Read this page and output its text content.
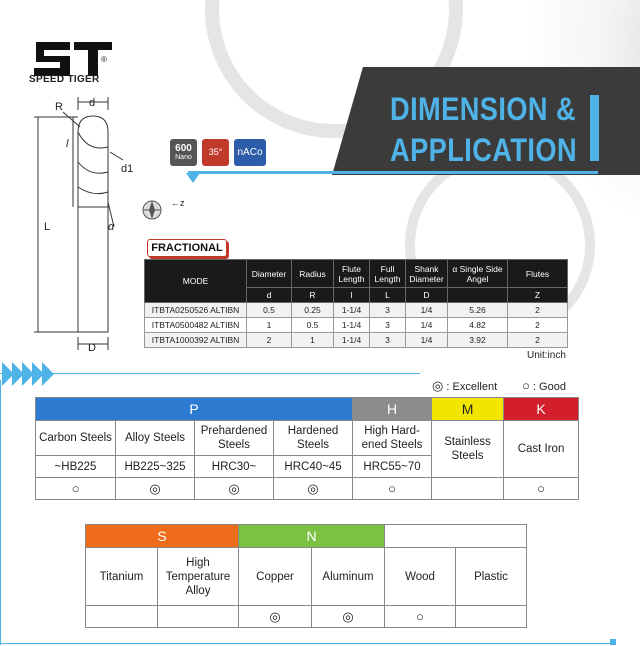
SPEED TIGER
®
R d
l
d1
L	α
D
←z
DIMENSION &
APPLICATION
600
Nano 35° nACo
FRACTIONAL
MODE	Diameter	Radius	Flute Length	Full Length	Shank Diameter	α Single Side Angel	Flutes
	d	R	l	L	D		Z
ITBTA0250526 ALTIBN	0.5	0.25	1-1/4	3	1/4	5.26	2
ITBTA0500482 ALTIBN	1	0.5	1-1/4	3	1/4	4.82	2
ITBTA1000392 ALTIBN	2	1	1-1/4	3	1/4	3.92	2
Unit:inch
◎ : Excellent ○ : Good
P				H	M	K
Carbon Steels	Alloy Steels	Prehardened Steels	Hardened Steels	High Hard-ened Steels	Stainless Steels	Cast Iron
~HB225	HB225~325	HRC30~	HRC40~45	HRC55~70		
○	◎	◎	◎	○		○
S		N			
Titanium	High Temperature Alloy	Copper	Aluminum	Wood	Plastic
		◎	◎	○	
